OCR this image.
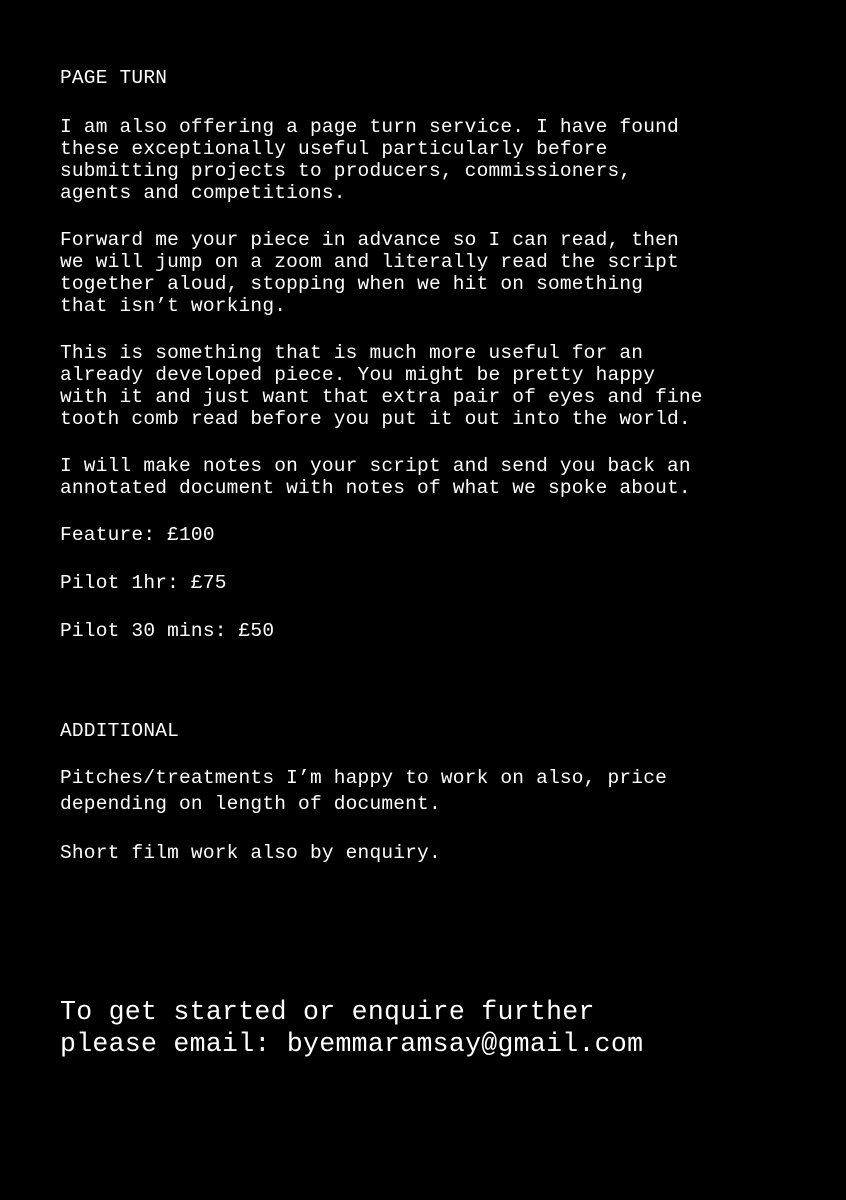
PAGE TURN
I am also offering a page turn service. I have found
these exceptionally useful particularly before
submitting projects to producers, commissioners,
agents and competitions.
Forward me your piece in advance so I can read, then
we will jump on a zoom and literally read the script
together aloud, stopping when we hit on something
that isn’t working.
This is something that is much more useful for an
already developed piece. You might be pretty happy
with it and just want that extra pair of eyes and fine
tooth comb read before you put it out into the world.
I will make notes on your script and send you back an
annotated document with notes of what we spoke about.
Feature: £100
Pilot 1hr: £75
Pilot 30 mins: £50
ADDITIONAL
Pitches/treatments I’m happy to work on also, price
depending on length of document.
Short film work also by enquiry.
To get started or enquire further
please email: byemmaramsay@gmail.com
